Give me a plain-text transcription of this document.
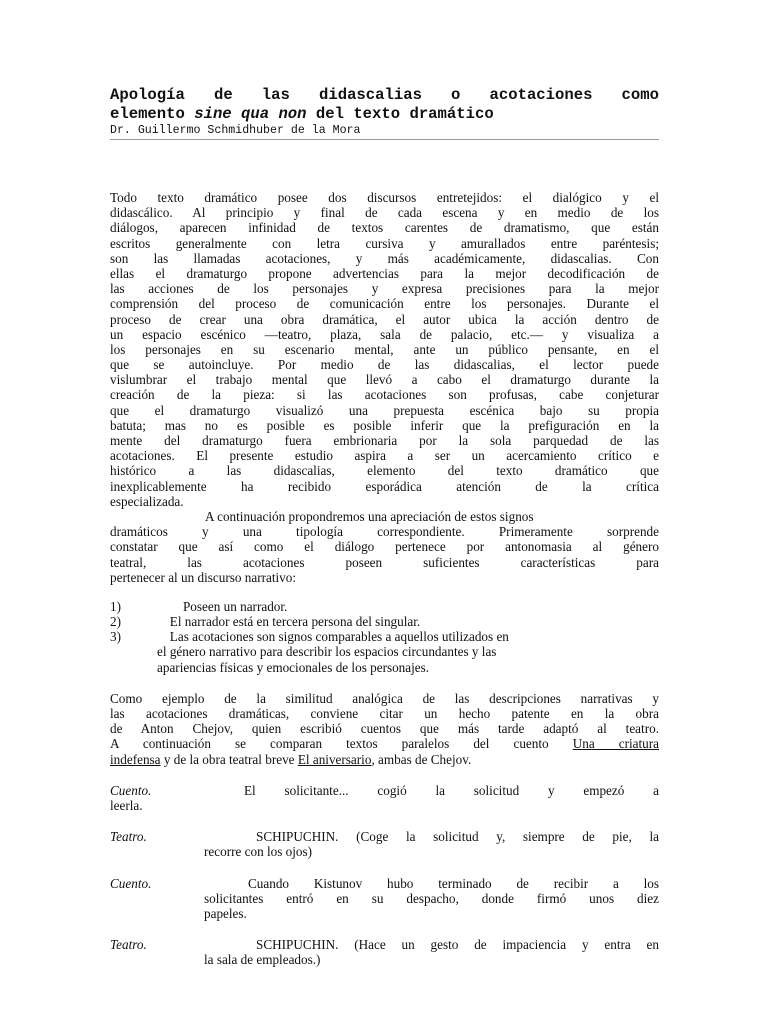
Apología de las didascalias o acotaciones como
elemento sine qua non del texto dramático
Dr. Guillermo Schmidhuber de la Mora
Todo texto dramático posee dos discursos entretejidos: el dialógico y el
didascálico. Al principio y final de cada escena y en medio de los
diálogos, aparecen infinidad de textos carentes de dramatismo, que están
escritos generalmente con letra cursiva y amurallados entre paréntesis;
son las llamadas acotaciones, y más académicamente, didascalias. Con
ellas el dramaturgo propone advertencias para la mejor decodificación de
las acciones de los personajes y expresa precisiones para la mejor
comprensión del proceso de comunicación entre los personajes. Durante el
proceso de crear una obra dramática, el autor ubica la acción dentro de
un espacio escénico —teatro, plaza, sala de palacio, etc.— y visualiza a
los personajes en su escenario mental, ante un público pensante, en el
que se autoincluye. Por medio de las didascalias, el lector puede
vislumbrar el trabajo mental que llevó a cabo el dramaturgo durante la
creación de la pieza: si las acotaciones son profusas, cabe conjeturar
que el dramaturgo visualizó una prepuesta escénica bajo su propia
batuta; mas no es posible es posible inferir que la prefiguración en la
mente del dramaturgo fuera embrionaria por la sola parquedad de las
acotaciones. El presente estudio aspira a ser un acercamiento crítico e
histórico a las didascalias, elemento del texto dramático que
inexplicablemente ha recibido esporádica atención de la crítica
especializada.
A continuación propondremos una apreciación de estos signos
dramáticos y una tipología correspondiente. Primeramente sorprende
constatar que así como el diálogo pertenece por antonomasia al género
teatral, las acotaciones poseen suficientes características para
pertenecer al un discurso narrativo:
1)	Poseen un narrador.
2)	El narrador está en tercera persona del singular.
3)	Las acotaciones son signos comparables a aquellos utilizados en
el género narrativo para describir los espacios circundantes y las
apariencias físicas y emocionales de los personajes.
Como ejemplo de la similitud analógica de las descripciones narrativas y
las acotaciones dramáticas, conviene citar un hecho patente en la obra
de Anton Chejov, quien escribió cuentos que más tarde adaptó al teatro.
A continuación se comparan textos paralelos del cuento Una criatura
indefensa y de la obra teatral breve El aniversario, ambas de Chejov.
Cuento.	El solicitante... cogió la solicitud y empezó a
leerla.
Teatro.	SCHIPUCHIN. (Coge la solicitud y, siempre de pie, la
recorre con los ojos)
Cuento.	Cuando Kistunov hubo terminado de recibir a los
solicitantes entró en su despacho, donde firmó unos diez
papeles.
Teatro.	SCHIPUCHIN. (Hace un gesto de impaciencia y entra en
la sala de empleados.)
